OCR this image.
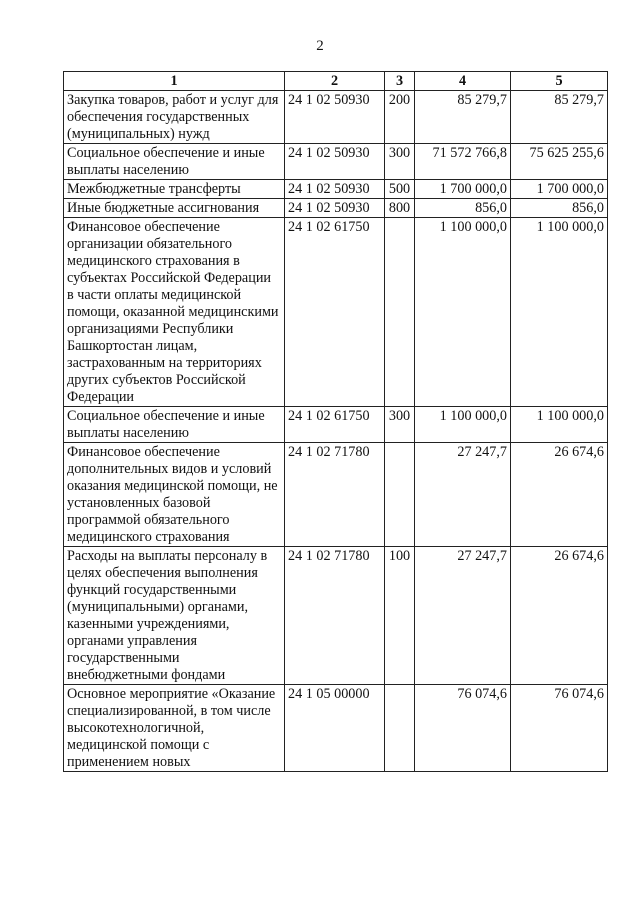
2
1	2	3	4	5
Закупка товаров, работ и услуг для обеспечения государственных (муниципальных) нужд	24 1 02 50930	200	85 279,7	85 279,7
Социальное обеспечение и иные выплаты населению	24 1 02 50930	300	71 572 766,8	75 625 255,6
Межбюджетные трансферты	24 1 02 50930	500	1 700 000,0	1 700 000,0
Иные бюджетные ассигнования	24 1 02 50930	800	856,0	856,0
Финансовое обеспечение организации обязательного медицинского страхования в субъектах Российской Федерации в части оплаты медицинской помощи, оказанной медицинскими организациями Республики Башкортостан лицам, застрахованным на территориях других субъектов Российской Федерации	24 1 02 61750		1 100 000,0	1 100 000,0
Социальное обеспечение и иные выплаты населению	24 1 02 61750	300	1 100 000,0	1 100 000,0
Финансовое обеспечение дополнительных видов и условий оказания медицинской помощи, не установленных базовой программой обязательного медицинского страхования	24 1 02 71780		27 247,7	26 674,6
Расходы на выплаты персоналу в целях обеспечения выполнения функций государственными (муниципальными) органами, казенными учреждениями, органами управления государственными внебюджетными фондами	24 1 02 71780	100	27 247,7	26 674,6
Основное мероприятие «Оказание специализированной, в том числе высокотехнологичной, медицинской помощи с применением новых	24 1 05 00000		76 074,6	76 074,6
